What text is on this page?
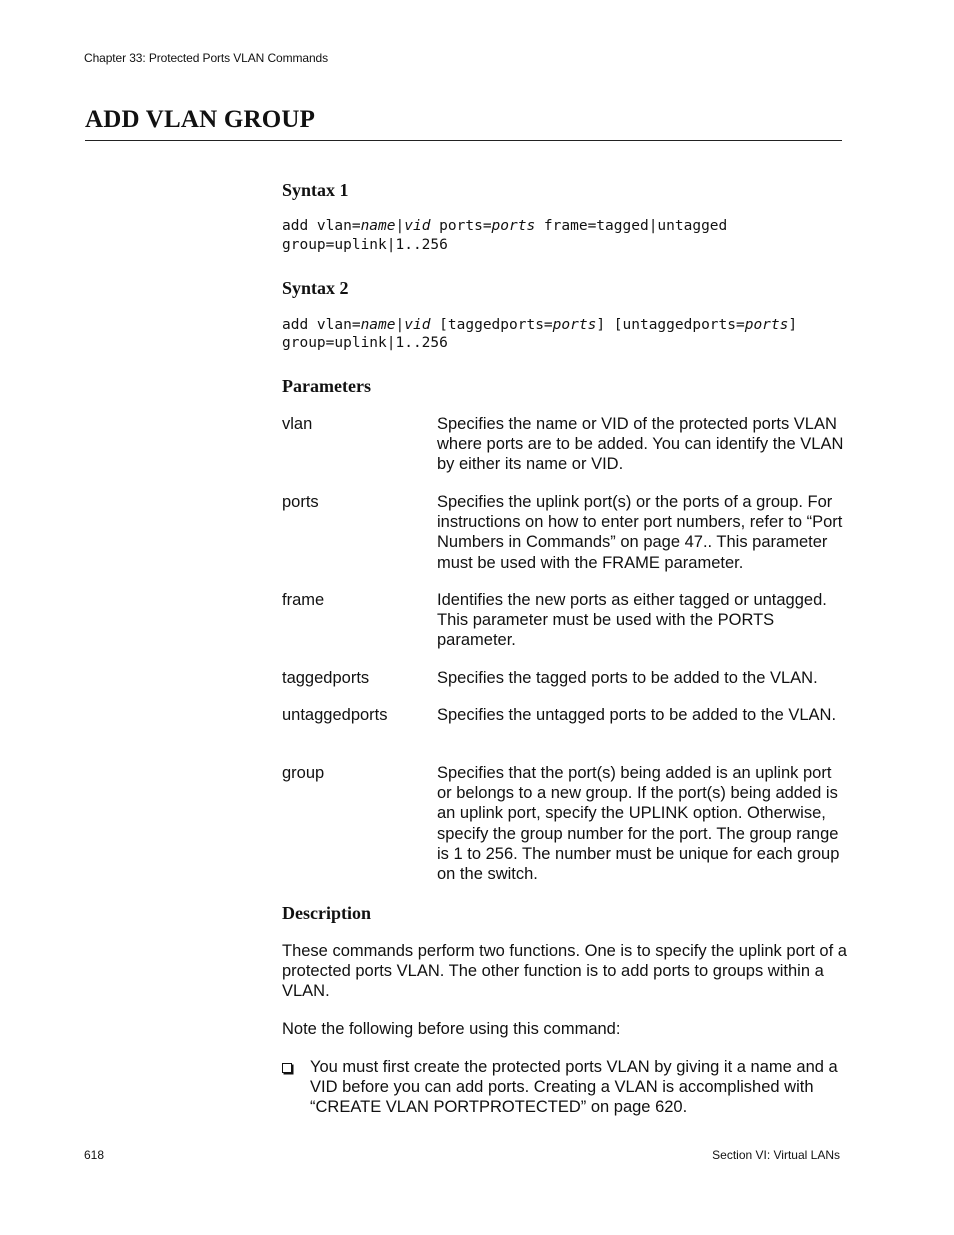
Chapter 33: Protected Ports VLAN Commands
ADD VLAN GROUP
Syntax 1
add vlan=name|vid ports=ports frame=tagged|untagged
group=uplink|1..256
Syntax 2
add vlan=name|vid [taggedports=ports] [untaggedports=ports]
group=uplink|1..256
Parameters
vlan	Specifies the name or VID of the protected ports VLAN where ports are to be added. You can identify the VLAN by either its name or VID.
ports	Specifies the uplink port(s) or the ports of a group. For instructions on how to enter port numbers, refer to “Port Numbers in Commands” on page 47.. This parameter must be used with the FRAME parameter.
frame	Identifies the new ports as either tagged or untagged. This parameter must be used with the PORTS parameter.
taggedports	Specifies the tagged ports to be added to the VLAN.
untaggedports	Specifies the untagged ports to be added to the VLAN.
group	Specifies that the port(s) being added is an uplink port or belongs to a new group. If the port(s) being added is an uplink port, specify the UPLINK option. Otherwise, specify the group number for the port. The group range is 1 to 256. The number must be unique for each group on the switch.
Description
These commands perform two functions. One is to specify the uplink port of a protected ports VLAN. The other function is to add ports to groups within a VLAN.
Note the following before using this command:
You must first create the protected ports VLAN by giving it a name and a VID before you can add ports. Creating a VLAN is accomplished with “CREATE VLAN PORTPROTECTED” on page 620.
618	Section VI: Virtual LANs
